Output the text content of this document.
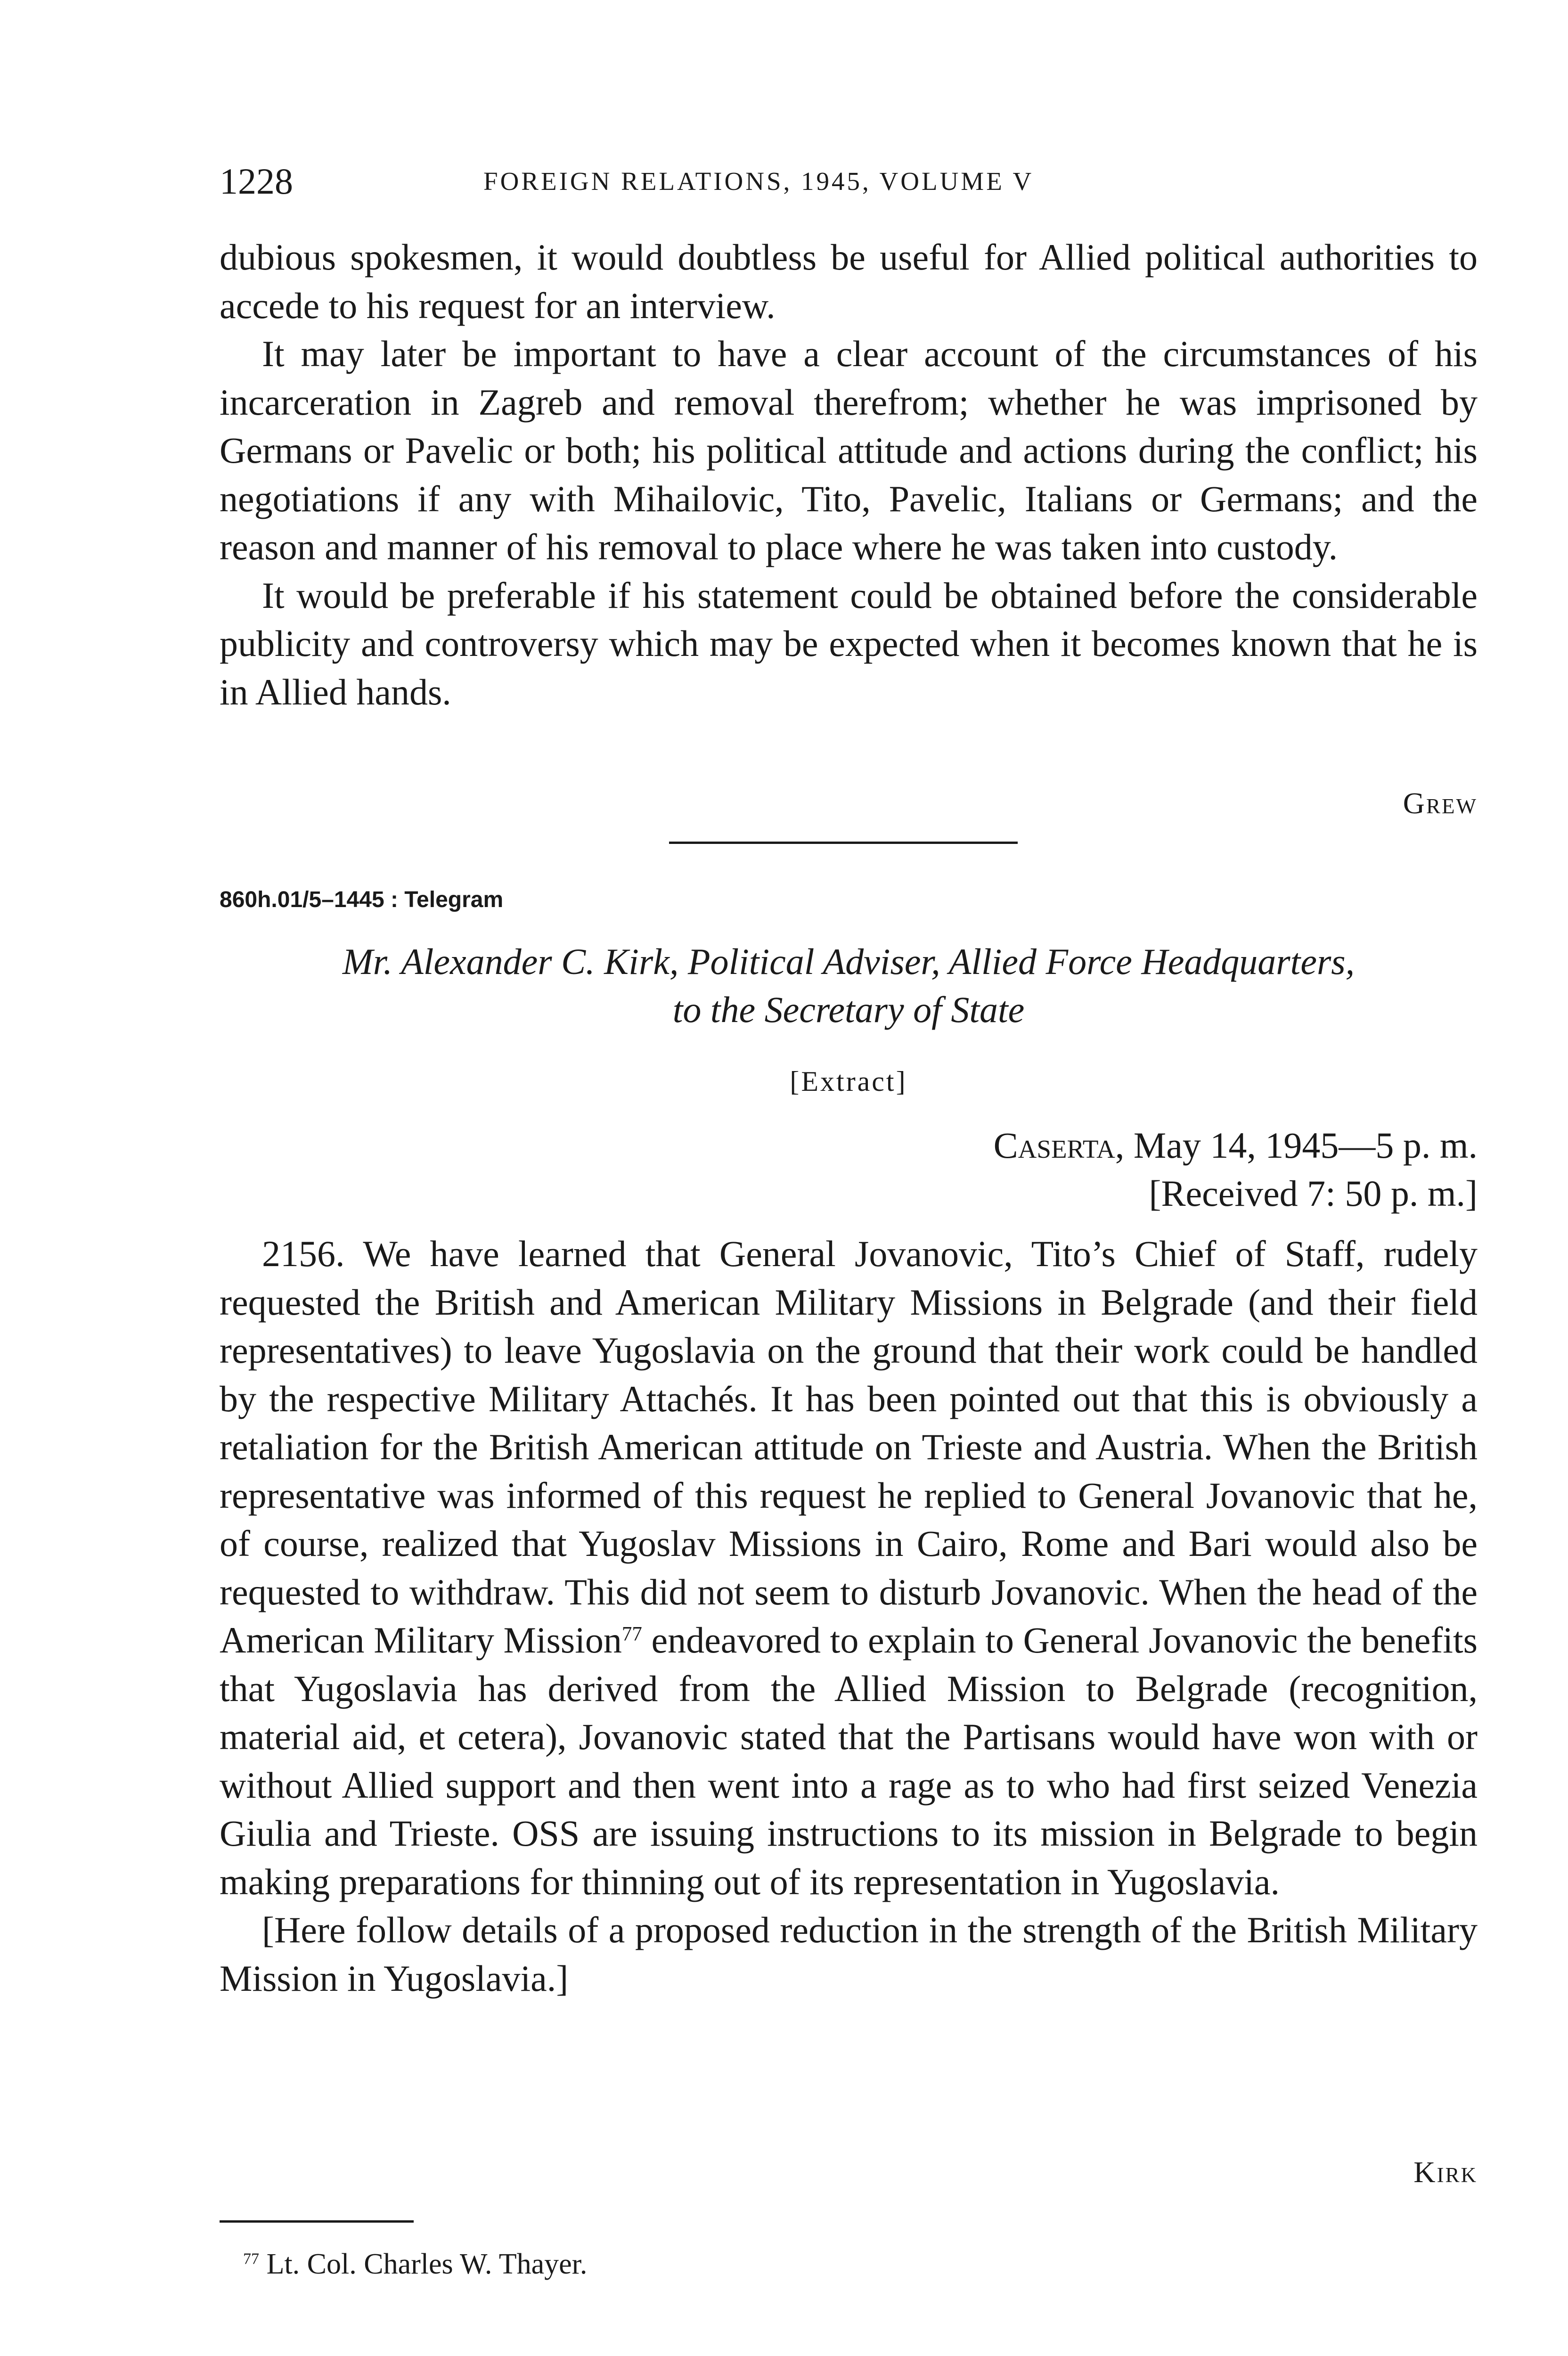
1228	FOREIGN RELATIONS, 1945, VOLUME V

dubious spokesmen, it would doubtless be useful for Allied political authorities to accede to his request for an interview.

It may later be important to have a clear account of the circumstances of his incarceration in Zagreb and removal therefrom; whether he was imprisoned by Germans or Pavelic or both; his political attitude and actions during the conflict; his negotiations if any with Mihailovic, Tito, Pavelic, Italians or Germans; and the reason and manner of his removal to place where he was taken into custody.

It would be preferable if his statement could be obtained before the considerable publicity and controversy which may be expected when it becomes known that he is in Allied hands.

Grew
860h.01/5–1445 : Telegram
Mr. Alexander C. Kirk, Political Adviser, Allied Force Headquarters,
to the Secretary of State
[Extract]
Caserta, May 14, 1945—5 p. m.
[Received 7: 50 p. m.]

2156. We have learned that General Jovanovic, Tito’s Chief of Staff, rudely requested the British and American Military Missions in Belgrade (and their field representatives) to leave Yugoslavia on the ground that their work could be handled by the respective Military Attachés. It has been pointed out that this is obviously a retaliation for the British American attitude on Trieste and Austria. When the British representative was informed of this request he replied to General Jovanovic that he, of course, realized that Yugoslav Missions in Cairo, Rome and Bari would also be requested to withdraw. This did not seem to disturb Jovanovic. When the head of the American Military Mission$^{77}$ endeavored to explain to General Jovanovic the benefits that Yugoslavia has derived from the Allied Mission to Belgrade (recognition, material aid, et cetera), Jovanovic stated that the Partisans would have won with or without Allied support and then went into a rage as to who had first seized Venezia Giulia and Trieste. OSS are issuing instructions to its mission in Belgrade to begin making preparations for thinning out of its representation in Yugoslavia.

[Here follow details of a proposed reduction in the strength of the British Military Mission in Yugoslavia.]

Kirk
$^{77}$ Lt. Col. Charles W. Thayer.
